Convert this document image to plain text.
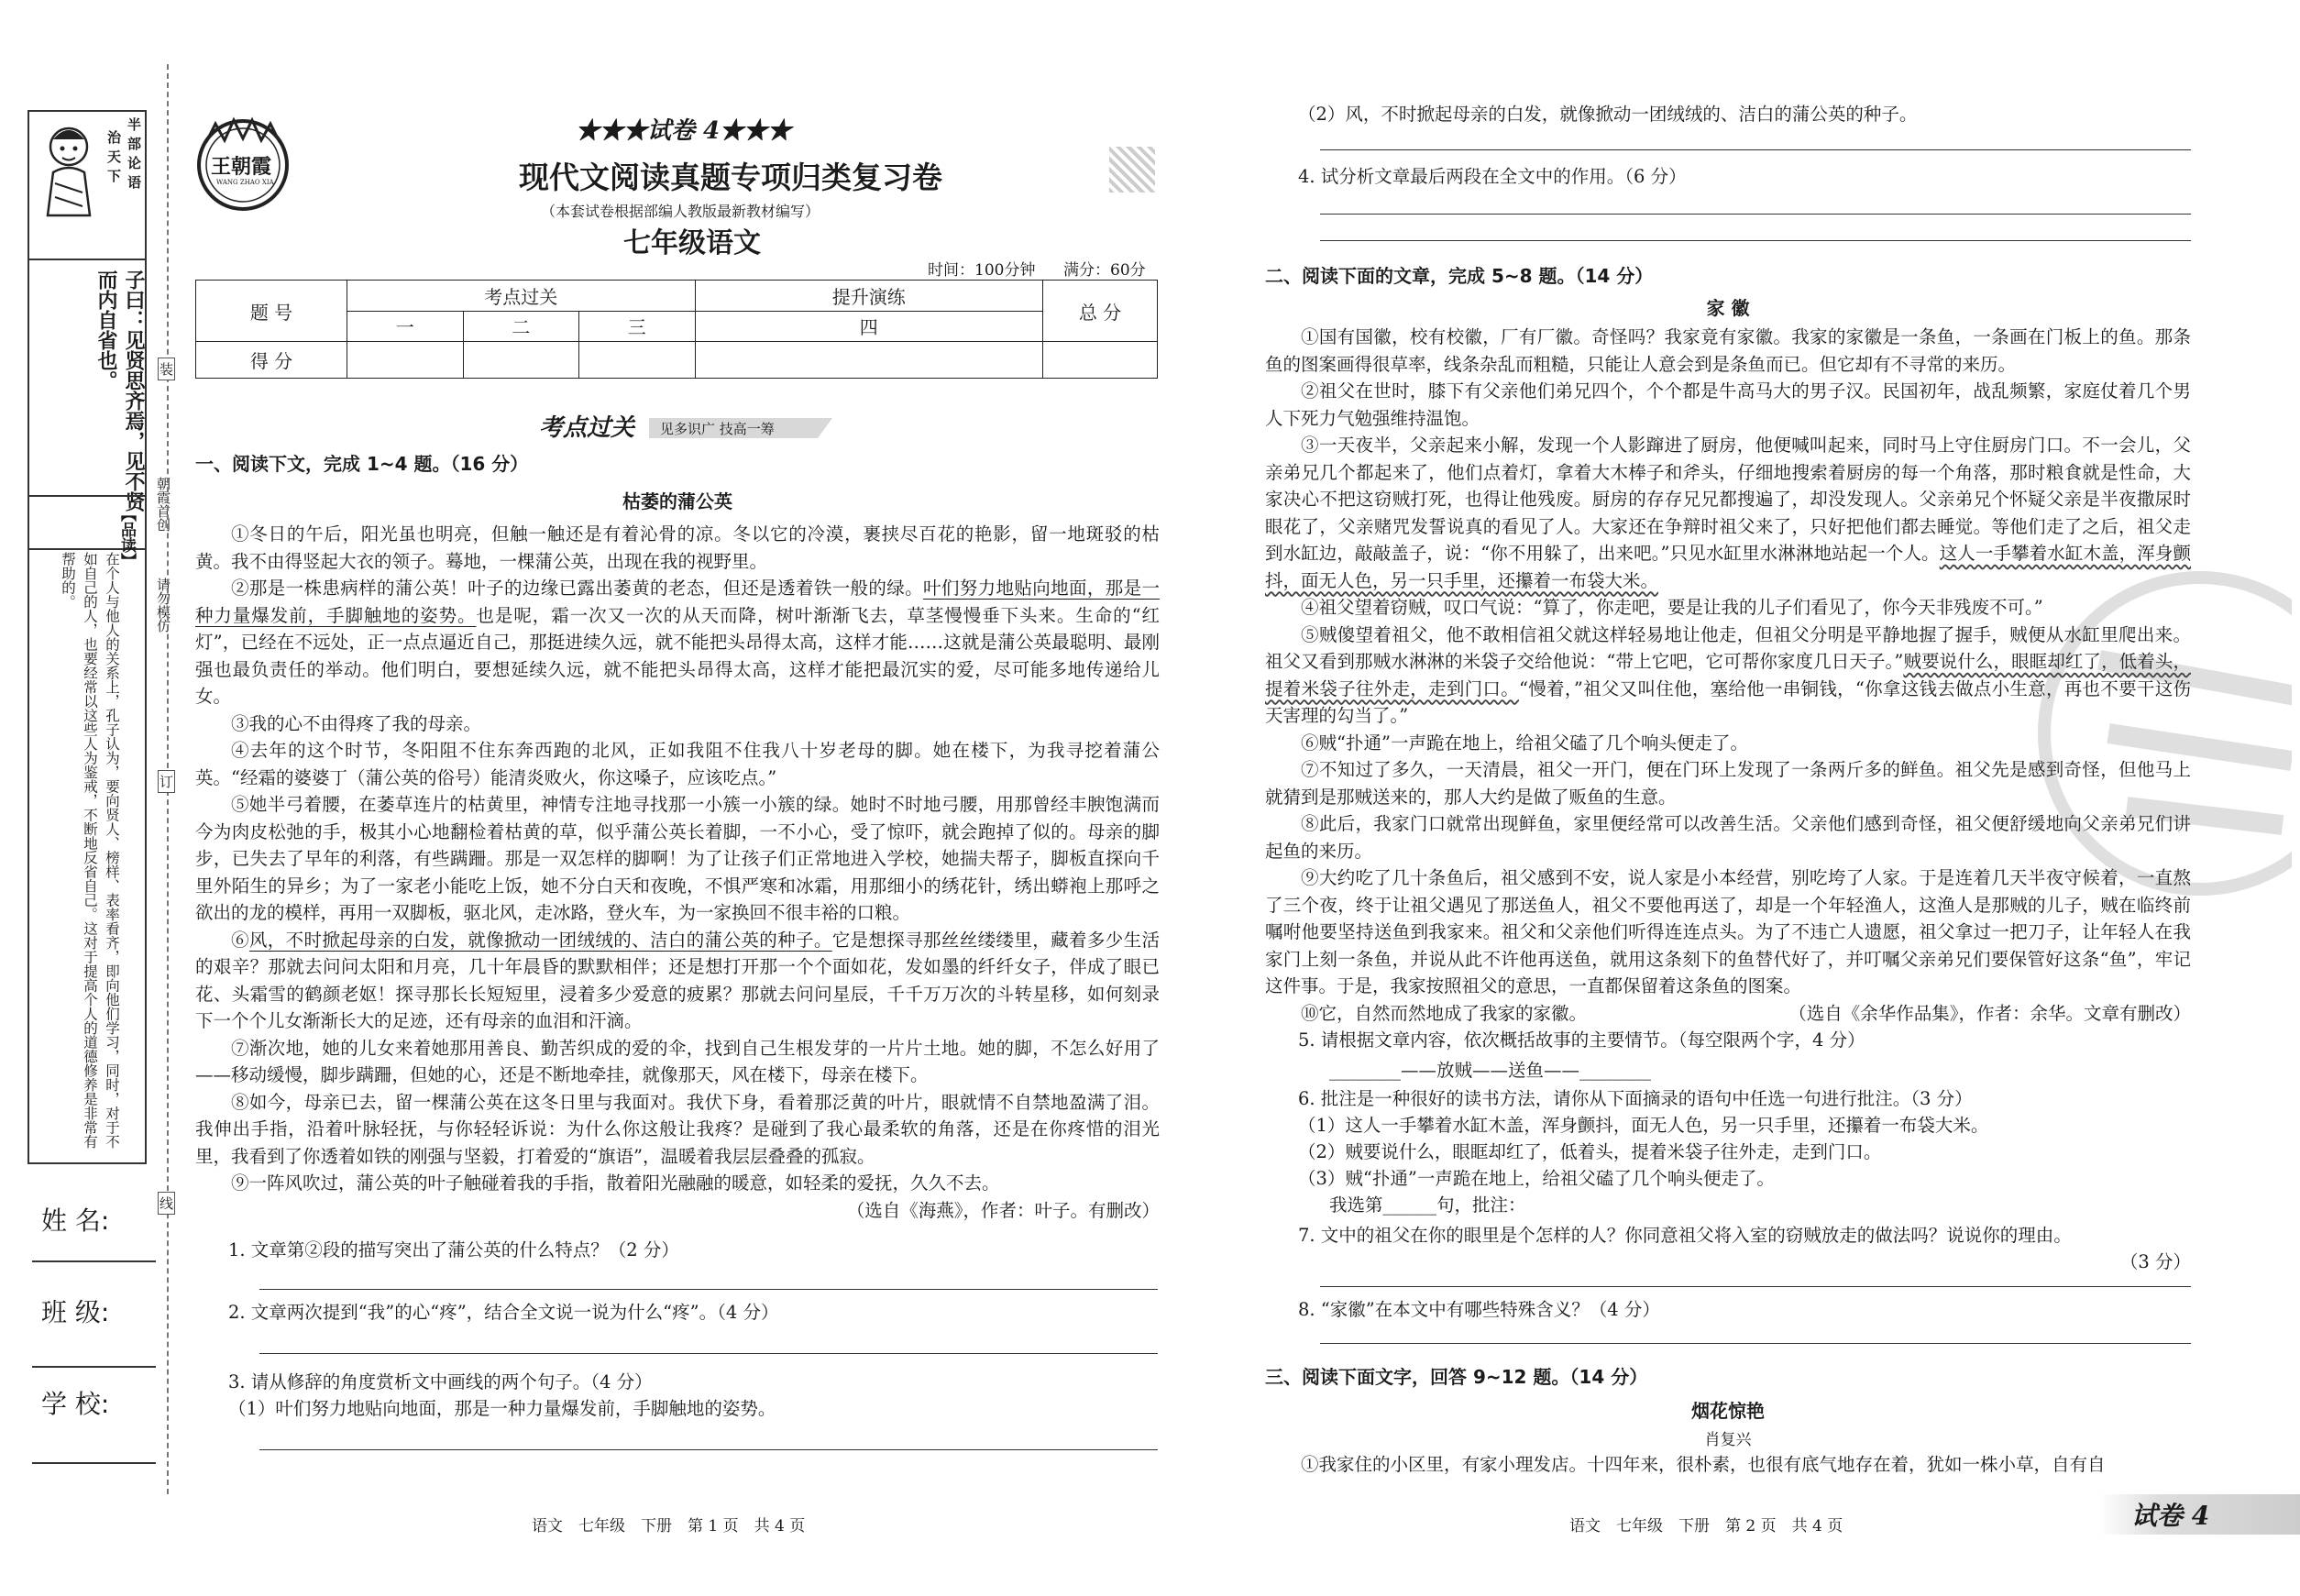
半部论语
治天下
而内自省也。 子曰：见贤思齐焉，见不贤
【品读】
在个人与他人的关系上，孔子认为，要向贤人、榜样、表率看齐，即向他们学习，同时，对于不如自己的人，也要经常以这些人为鉴戒，不断地反省自己。这对于提高个人的道德修养是非常有帮助的。
朝霞首创
请勿模仿
装
订
线
姓 名:
班 级:
学 校:
王朝霞
WANG ZHAO XIA
★★★试卷 4★★★
现代文阅读真题专项归类复习卷
（本套试卷根据部编人教版最新教材编写）
七年级语文
时间：100分钟 满分：60分
题 号	考点过关			提升演练	总 分
	一	二	三	四	
得 分					
考点过关 见多识广 技高一筹
一、阅读下文，完成 1~4 题。（16 分）
枯萎的蒲公英
①冬日的午后，阳光虽也明亮，但触一触还是有着沁骨的凉。冬以它的冷漠，裹挟尽百花的艳影，留一地斑驳的枯黄。我不由得竖起大衣的领子。蓦地，一棵蒲公英，出现在我的视野里。
②那是一株患病样的蒲公英！叶子的边缘已露出萎黄的老态，但还是透着铁一般的绿。叶们努力地贴向地面，那是一种力量爆发前，手脚触地的姿势。也是呢，霜一次又一次的从天而降，树叶渐渐飞去，草茎慢慢垂下头来。生命的“红灯”，已经在不远处，正一点点逼近自己，那挺进续久远，就不能把头昂得太高，这样才能……这就是蒲公英最聪明、最刚强也最负责任的举动。他们明白，要想延续久远，就不能把头昂得太高，这样才能把最沉实的爱，尽可能多地传递给儿女。
③我的心不由得疼了我的母亲。
④去年的这个时节，冬阳阻不住东奔西跑的北风，正如我阻不住我八十岁老母的脚。她在楼下，为我寻挖着蒲公英。“经霜的婆婆丁（蒲公英的俗号）能清炎败火，你这嗓子，应该吃点。”
⑤她半弓着腰，在萎草连片的枯黄里，神情专注地寻找那一小簇一小簇的绿。她时不时地弓腰，用那曾经丰腴饱满而今为肉皮松弛的手，极其小心地翻检着枯黄的草，似乎蒲公英长着脚，一不小心，受了惊吓，就会跑掉了似的。母亲的脚步，已失去了早年的利落，有些蹒跚。那是一双怎样的脚啊！为了让孩子们正常地进入学校，她揣夫帮子，脚板直探向千里外陌生的异乡；为了一家老小能吃上饭，她不分白天和夜晚，不惧严寒和冰霜，用那细小的绣花针，绣出蟒袍上那呼之欲出的龙的模样，再用一双脚板，驱北风，走冰路，登火车，为一家换回不很丰裕的口粮。
⑥风，不时掀起母亲的白发，就像掀动一团绒绒的、洁白的蒲公英的种子。它是想探寻那丝丝缕缕里，藏着多少生活的艰辛？那就去问问太阳和月亮，几十年晨昏的默默相伴；还是想打开那一个个面如花，发如墨的纤纤女子，伴成了眼已花、头霜雪的鹤颜老妪！探寻那长长短短里，浸着多少爱意的疲累？那就去问问星辰，千千万万次的斗转星移，如何刻录下一个个儿女渐渐长大的足迹，还有母亲的血泪和汗滴。
⑦渐次地，她的儿女来着她那用善良、勤苦织成的爱的伞，找到自己生根发芽的一片片土地。她的脚，不怎么好用了——移动缓慢，脚步蹒跚，但她的心，还是不断地牵挂，就像那天，风在楼下，母亲在楼下。
⑧如今，母亲已去，留一棵蒲公英在这冬日里与我面对。我伏下身，看着那泛黄的叶片，眼就情不自禁地盈满了泪。我伸出手指，沿着叶脉轻抚，与你轻轻诉说：为什么你这般让我疼？是碰到了我心最柔软的角落，还是在你疼惜的泪光里，我看到了你透着如铁的刚强与坚毅，打着爱的“旗语”，温暖着我层层叠叠的孤寂。
⑨一阵风吹过，蒲公英的叶子触碰着我的手指，散着阳光融融的暖意，如轻柔的爱抚，久久不去。
（选自《海燕》，作者：叶子。有删改）
1. 文章第②段的描写突出了蒲公英的什么特点？（2 分）
2. 文章两次提到“我”的心“疼”，结合全文说一说为什么“疼”。（4 分）
3. 请从修辞的角度赏析文中画线的两个句子。（4 分）
（1）叶们努力地贴向地面，那是一种力量爆发前，手脚触地的姿势。
语文　七年级　下册　第 1 页　共 4 页
（2）风，不时掀起母亲的白发，就像掀动一团绒绒的、洁白的蒲公英的种子。
4. 试分析文章最后两段在全文中的作用。（6 分）
二、阅读下面的文章，完成 5~8 题。（14 分）
家 徽
①国有国徽，校有校徽，厂有厂徽。奇怪吗？我家竟有家徽。我家的家徽是一条鱼，一条画在门板上的鱼。那条鱼的图案画得很草率，线条杂乱而粗糙，只能让人意会到是条鱼而已。但它却有不寻常的来历。
②祖父在世时，膝下有父亲他们弟兄四个，个个都是牛高马大的男子汉。民国初年，战乱频繁，家庭仗着几个男人下死力气勉强维持温饱。
③一天夜半，父亲起来小解，发现一个人影蹿进了厨房，他便喊叫起来，同时马上守住厨房门口。不一会儿，父亲弟兄几个都起来了，他们点着灯，拿着大木棒子和斧头，仔细地搜索着厨房的每一个角落，那时粮食就是性命，大家决心不把这窃贼打死，也得让他残废。厨房的存存兄兄都搜遍了，却没发现人。父亲弟兄个怀疑父亲是半夜撒尿时眼花了，父亲赌咒发誓说真的看见了人。大家还在争辩时祖父来了，只好把他们都去睡觉。等他们走了之后，祖父走到水缸边，敲敲盖子，说：“你不用躲了，出来吧。”只见水缸里水淋淋地站起一个人。这人一手攀着水缸木盖，浑身颤抖，面无人色，另一只手里，还攥着一布袋大米。
④祖父望着窃贼，叹口气说：“算了，你走吧，要是让我的儿子们看见了，你今天非残废不可。”
⑤贼傻望着祖父，他不敢相信祖父就这样轻易地让他走，但祖父分明是平静地握了握手，贼便从水缸里爬出来。祖父又看到那贼水淋淋的米袋子交给他说：“带上它吧，它可帮你家度几日天子。”贼要说什么，眼眶却红了，低着头，提着米袋子往外走，走到门口。“慢着，”祖父又叫住他，塞给他一串铜钱，“你拿这钱去做点小生意，再也不要干这伤天害理的勾当了。”
⑥贼“扑通”一声跪在地上，给祖父磕了几个响头便走了。
⑦不知过了多久，一天清晨，祖父一开门，便在门环上发现了一条两斤多的鲜鱼。祖父先是感到奇怪，但他马上就猜到是那贼送来的，那人大约是做了贩鱼的生意。
⑧此后，我家门口就常出现鲜鱼，家里便经常可以改善生活。父亲他们感到奇怪，祖父便舒缓地向父亲弟兄们讲起鱼的来历。
⑨大约吃了几十条鱼后，祖父感到不安，说人家是小本经营，别吃垮了人家。于是连着几天半夜守候着，一直熬了三个夜，终于让祖父遇见了那送鱼人，祖父不要他再送了，却是一个年轻渔人，这渔人是那贼的儿子，贼在临终前嘱咐他要坚持送鱼到我家来。祖父和父亲他们听得连连点头。为了不违亡人遗愿，祖父拿过一把刀子，让年轻人在我家门上刻一条鱼，并说从此不许他再送鱼，就用这条刻下的鱼替代好了，并叮嘱父亲弟兄们要保管好这条“鱼”，牢记这件事。于是，我家按照祖父的意思，一直都保留着这条鱼的图案。
⑩它，自然而然地成了我家的家徽。	（选自《余华作品集》，作者：余华。文章有删改）
5. 请根据文章内容，依次概括故事的主要情节。（每空限两个字，4 分）
________——放贼——送鱼——________
6. 批注是一种很好的读书方法，请你从下面摘录的语句中任选一句进行批注。（3 分）
（1）这人一手攀着水缸木盖，浑身颤抖，面无人色，另一只手里，还攥着一布袋大米。
（2）贼要说什么，眼眶却红了，低着头，提着米袋子往外走，走到门口。
（3）贼“扑通”一声跪在地上，给祖父磕了几个响头便走了。
我选第______句，批注：
7. 文中的祖父在你的眼里是个怎样的人？你同意祖父将入室的窃贼放走的做法吗？说说你的理由。
（3 分）
8. “家徽”在本文中有哪些特殊含义？（4 分）
三、阅读下面文字，回答 9~12 题。（14 分）
烟花惊艳
肖复兴
①我家住的小区里，有家小理发店。十四年来，很朴素，也很有底气地存在着，犹如一株小草，自有自
语文　七年级　下册　第 2 页　共 4 页	试卷 4
